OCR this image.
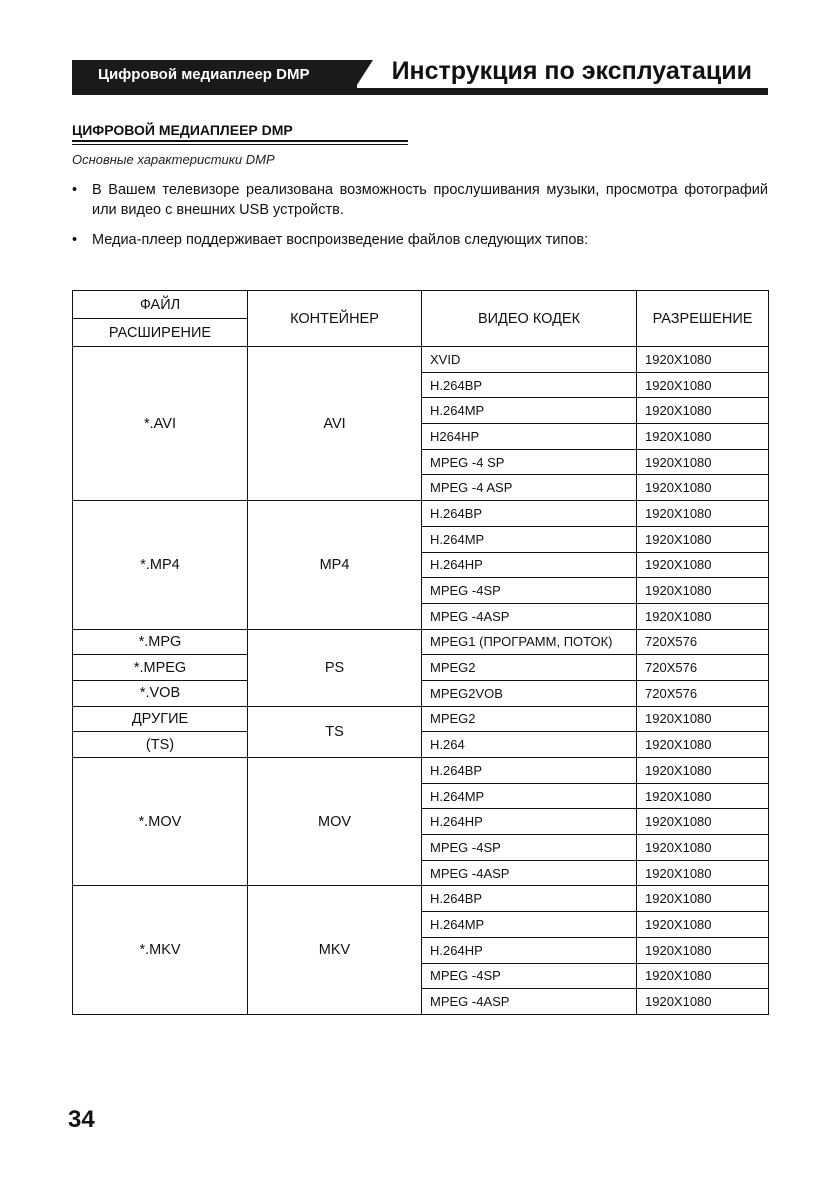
Цифровой медиаплеер DMP	Инструкция по эксплуатации
ЦИФРОВОЙ МЕДИАПЛЕЕР DMP
Основные характеристики DMP
• В Вашем телевизоре реализована возможность прослушивания музыки, просмотра фотографий или видео с внешних USB устройств.
• Медиа-плеер поддерживает воспроизведение файлов следующих типов:
ФАЙЛ	КОНТЕЙНЕР	ВИДЕО КОДЕК	РАЗРЕШЕНИЕ
РАСШИРЕНИЕ			
*.AVI	AVI	XVID	1920X1080
		H.264BP	1920X1080
		H.264MP	1920X1080
		H264HP	1920X1080
		MPEG -4 SP	1920X1080
		MPEG -4 ASP	1920X1080
*.MP4	MP4	H.264BP	1920X1080
		H.264MP	1920X1080
		H.264HP	1920X1080
		MPEG -4SP	1920X1080
		MPEG -4ASP	1920X1080
*.MPG	PS	MPEG1 (ПРОГРАММ, ПОТОК)	720X576
*.MPEG		MPEG2	720X576
*.VOB		MPEG2VOB	720X576
ДРУГИЕ	TS	MPEG2	1920X1080
(TS)		H.264	1920X1080
*.MOV	MOV	H.264BP	1920X1080
		H.264MP	1920X1080
		H.264HP	1920X1080
		MPEG -4SP	1920X1080
		MPEG -4ASP	1920X1080
*.MKV	MKV	H.264BP	1920X1080
		H.264MP	1920X1080
		H.264HP	1920X1080
		MPEG -4SP	1920X1080
		MPEG -4ASP	1920X1080
34
